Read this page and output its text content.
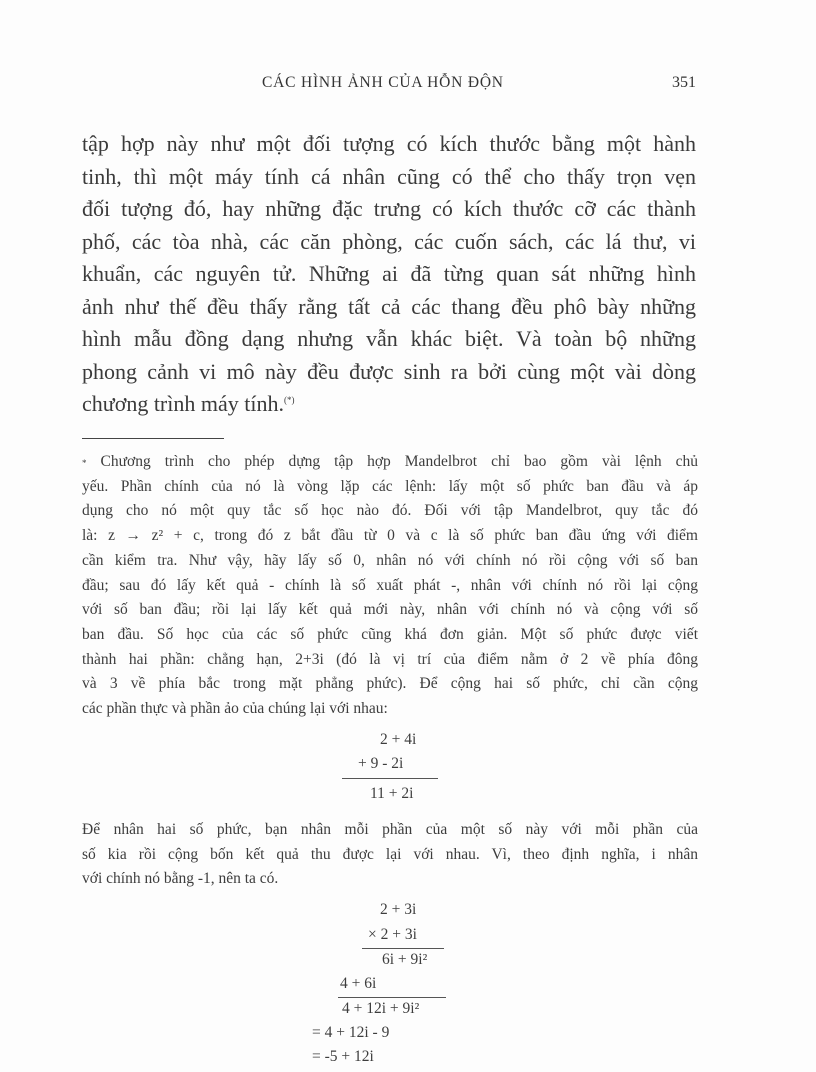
CÁC HÌNH ẢNH CỦA HỖN ĐỘN	351
tập hợp này như một đối tượng có kích thước bằng một hành
tinh, thì một máy tính cá nhân cũng có thể cho thấy trọn vẹn
đối tượng đó, hay những đặc trưng có kích thước cỡ các thành
phố, các tòa nhà, các căn phòng, các cuốn sách, các lá thư, vi
khuẩn, các nguyên tử. Những ai đã từng quan sát những hình
ảnh như thế đều thấy rằng tất cả các thang đều phô bày những
hình mẫu đồng dạng nhưng vẫn khác biệt. Và toàn bộ những
phong cảnh vi mô này đều được sinh ra bởi cùng một vài dòng
chương trình máy tính.(*)
* Chương trình cho phép dựng tập hợp Mandelbrot chỉ bao gồm vài lệnh chủ
yếu. Phần chính của nó là vòng lặp các lệnh: lấy một số phức ban đầu và áp
dụng cho nó một quy tắc số học nào đó. Đối với tập Mandelbrot, quy tắc đó
là: z → z² + c, trong đó z bắt đầu từ 0 và c là số phức ban đầu ứng với điểm
cần kiểm tra. Như vậy, hãy lấy số 0, nhân nó với chính nó rồi cộng với số ban
đầu; sau đó lấy kết quả - chính là số xuất phát -, nhân với chính nó rồi lại cộng
với số ban đầu; rồi lại lấy kết quả mới này, nhân với chính nó và cộng với số
ban đầu. Số học của các số phức cũng khá đơn giản. Một số phức được viết
thành hai phần: chẳng hạn, 2+3i (đó là vị trí của điểm nằm ở 2 về phía đông
và 3 về phía bắc trong mặt phẳng phức). Để cộng hai số phức, chỉ cần cộng
các phần thực và phần ảo của chúng lại với nhau:
2 + 4i
+ 9 - 2i
11 + 2i
Để nhân hai số phức, bạn nhân mỗi phần của một số này với mỗi phần của
số kia rồi cộng bốn kết quả thu được lại với nhau. Vì, theo định nghĩa, i nhân
với chính nó bằng -1, nên ta có.
2 + 3i
× 2 + 3i
6i + 9i²
4 + 6i
4 + 12i + 9i²
= 4 + 12i - 9
= -5 + 12i
